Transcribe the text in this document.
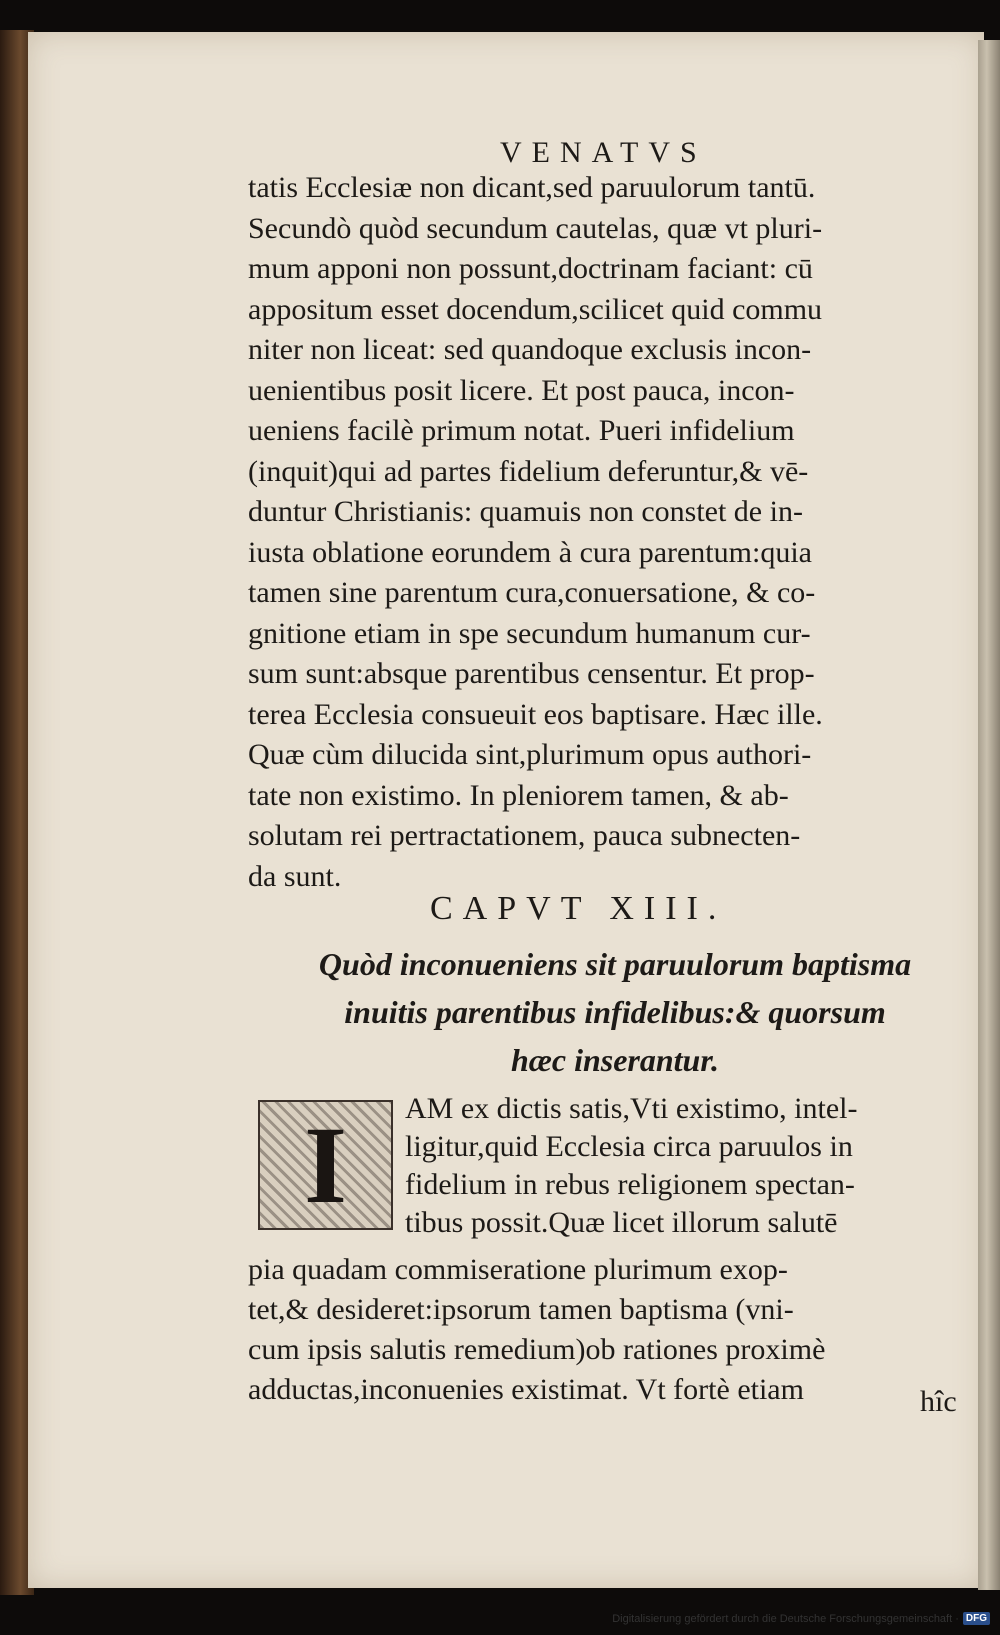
VENATVS
tatis Ecclesiæ non dicant,sed paruulorum tantū.
Secundò quòd secundum cautelas, quæ vt pluri-
mum apponi non possunt,doctrinam faciant: cū
appositum esset docendum,scilicet quid commu
niter non liceat: sed quandoque exclusis incon-
uenientibus posit licere. Et post pauca, incon-
ueniens facilè primum notat. Pueri infidelium
(inquit)qui ad partes fidelium deferuntur,& vē-
duntur Christianis: quamuis non constet de in-
iusta oblatione eorundem à cura parentum:quia
tamen sine parentum cura,conuersatione, & co-
gnitione etiam in spe secundum humanum cur-
sum sunt:absque parentibus censentur. Et prop-
terea Ecclesia consueuit eos baptisare. Hæc ille.
Quæ cùm dilucida sint,plurimum opus authori-
tate non existimo. In pleniorem tamen, & ab-
solutam rei pertractationem, pauca subnecten-
da sunt.
CAPVT XIII.
Quòd inconueniens sit paruulorum baptisma
inuitis parentibus infidelibus:& quorsum
hæc inserantur.
I AM ex dictis satis,Vti existimo, intel-
ligitur,quid Ecclesia circa paruulos in
fidelium in rebus religionem spectan-
tibus possit.Quæ licet illorum salutē
pia quadam commiseratione plurimum exop-
tet,& desideret:ipsorum tamen baptisma (vni-
cum ipsis salutis remedium)ob rationes proximè
adductas,inconuenies existimat. Vt fortè etiam	hîc
Digitalisierung gefördert durch die Deutsche Forschungsgemeinschaft · DFG
